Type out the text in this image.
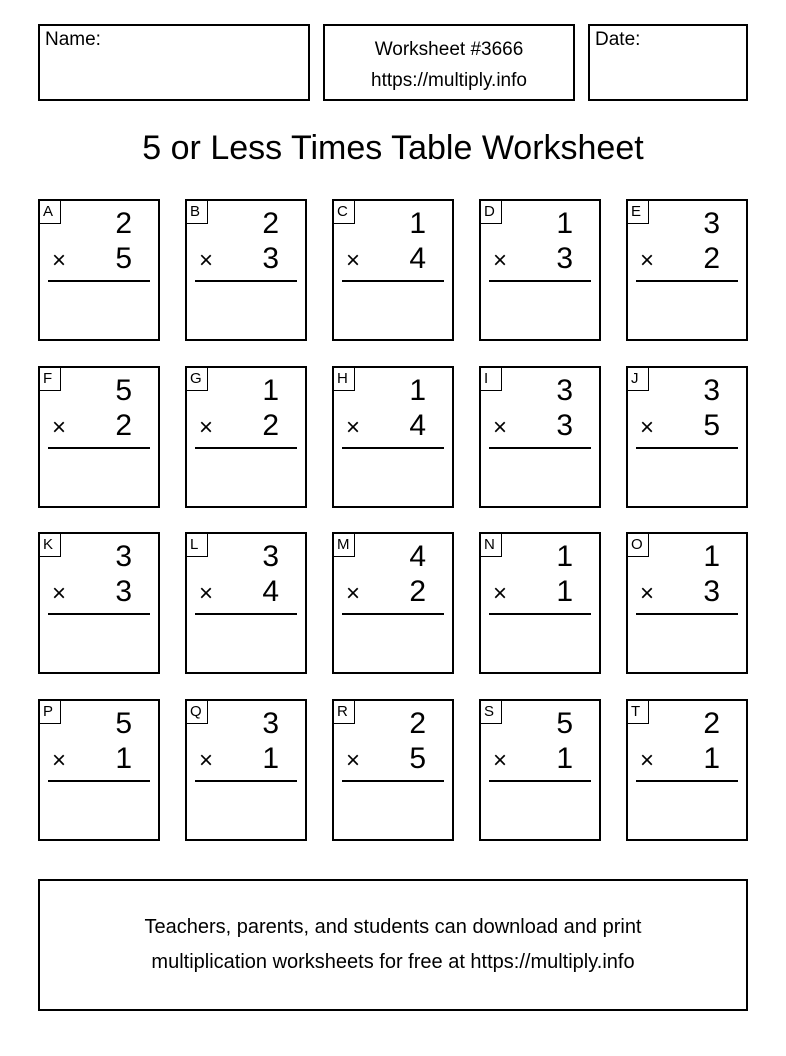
Name:	Worksheet #3666
https://multiply.info
Date:
5 or Less Times Table Worksheet
A 2
× 5
B 2
× 3
C 1
× 4
D 1
× 3
E 3
× 2
F 5
× 2
G 1
× 2
H 1
× 4
I	3
× 3
J	3
× 5
K 3
× 3
L	3
× 4
M 4
× 2
N 1
× 1
O 1
× 3
P 5
× 1
Q 3
× 1
R 2
× 5
S 5
× 1
T 2
× 1
Teachers, parents, and students can download and print
multiplication worksheets for free at https://multiply.info
